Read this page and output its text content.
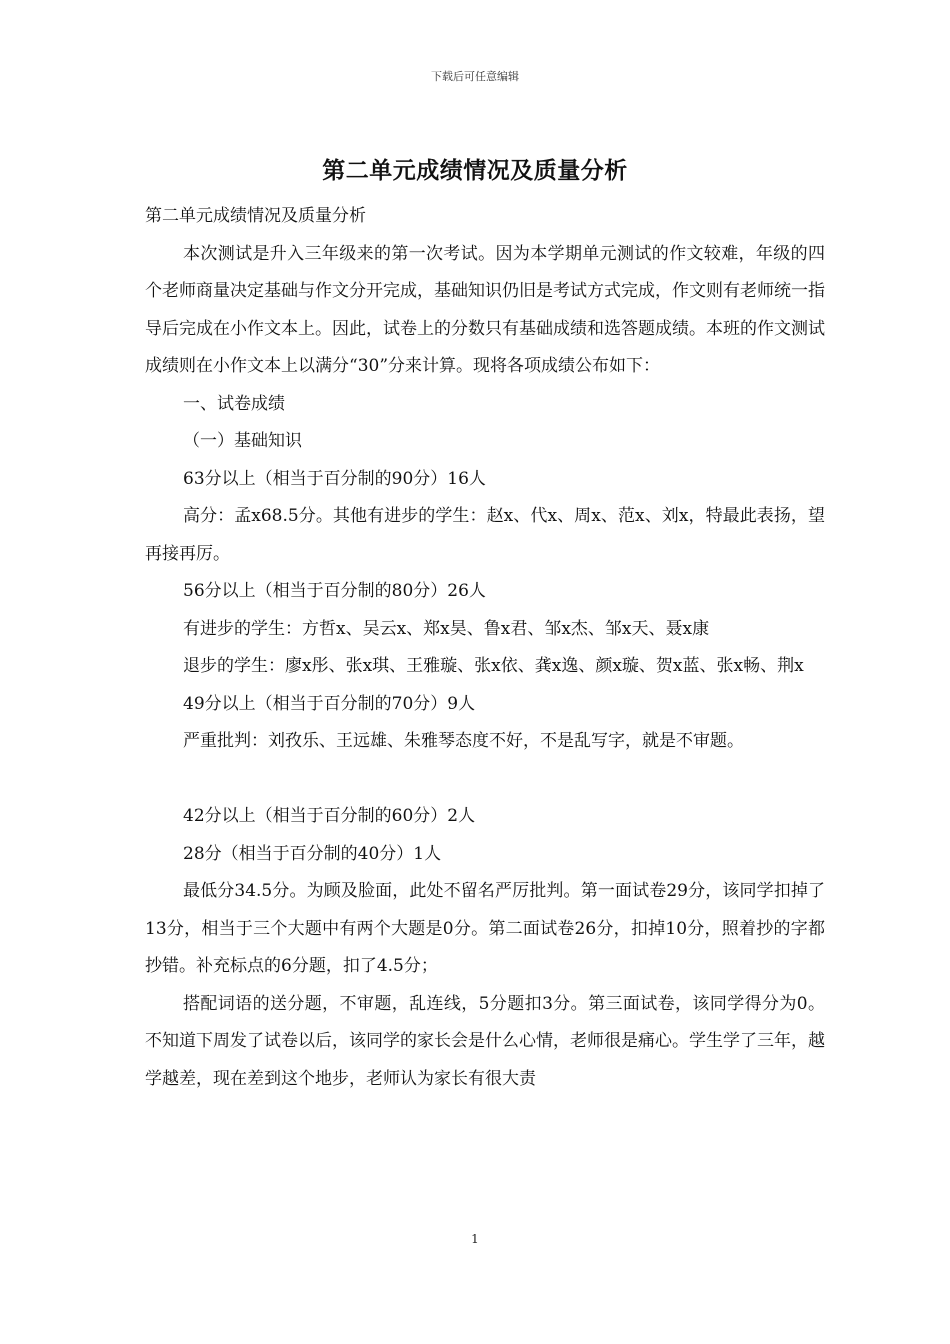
下载后可任意编辑
第二单元成绩情况及质量分析

第二单元成绩情况及质量分析

本次测试是升入三年级来的第一次考试。因为本学期单元测试的作文较难，年级的四个老师商量决定基础与作文分开完成，基础知识仍旧是考试方式完成，作文则有老师统一指导后完成在小作文本上。因此，试卷上的分数只有基础成绩和选答题成绩。本班的作文测试成绩则在小作文本上以满分“30”分来计算。现将各项成绩公布如下：

一、试卷成绩

（一）基础知识

63分以上（相当于百分制的90分）16人

高分：孟x68.5分。其他有进步的学生：赵x、代x、周x、范x、刘x，特最此表扬，望再接再厉。

56分以上（相当于百分制的80分）26人

有进步的学生：方哲x、吴云x、郑x昊、鲁x君、邹x杰、邹x天、聂x康

退步的学生：廖x彤、张x琪、王雅璇、张x依、龚x逸、颜x璇、贺x蓝、张x畅、荆x

49分以上（相当于百分制的70分）9人

严重批判：刘孜乐、王远雄、朱雅琴态度不好，不是乱写字，就是不审题。

42分以上（相当于百分制的60分）2人

28分（相当于百分制的40分）1人

最低分34.5分。为顾及脸面，此处不留名严厉批判。第一面试卷29分，该同学扣掉了13分，相当于三个大题中有两个大题是0分。第二面试卷26分，扣掉10分，照着抄的字都抄错。补充标点的6分题，扣了4.5分；

搭配词语的送分题，不审题，乱连线，5分题扣3分。第三面试卷，该同学得分为0。不知道下周发了试卷以后，该同学的家长会是什么心情，老师很是痛心。学生学了三年，越学越差，现在差到这个地步，老师认为家长有很大责

1
